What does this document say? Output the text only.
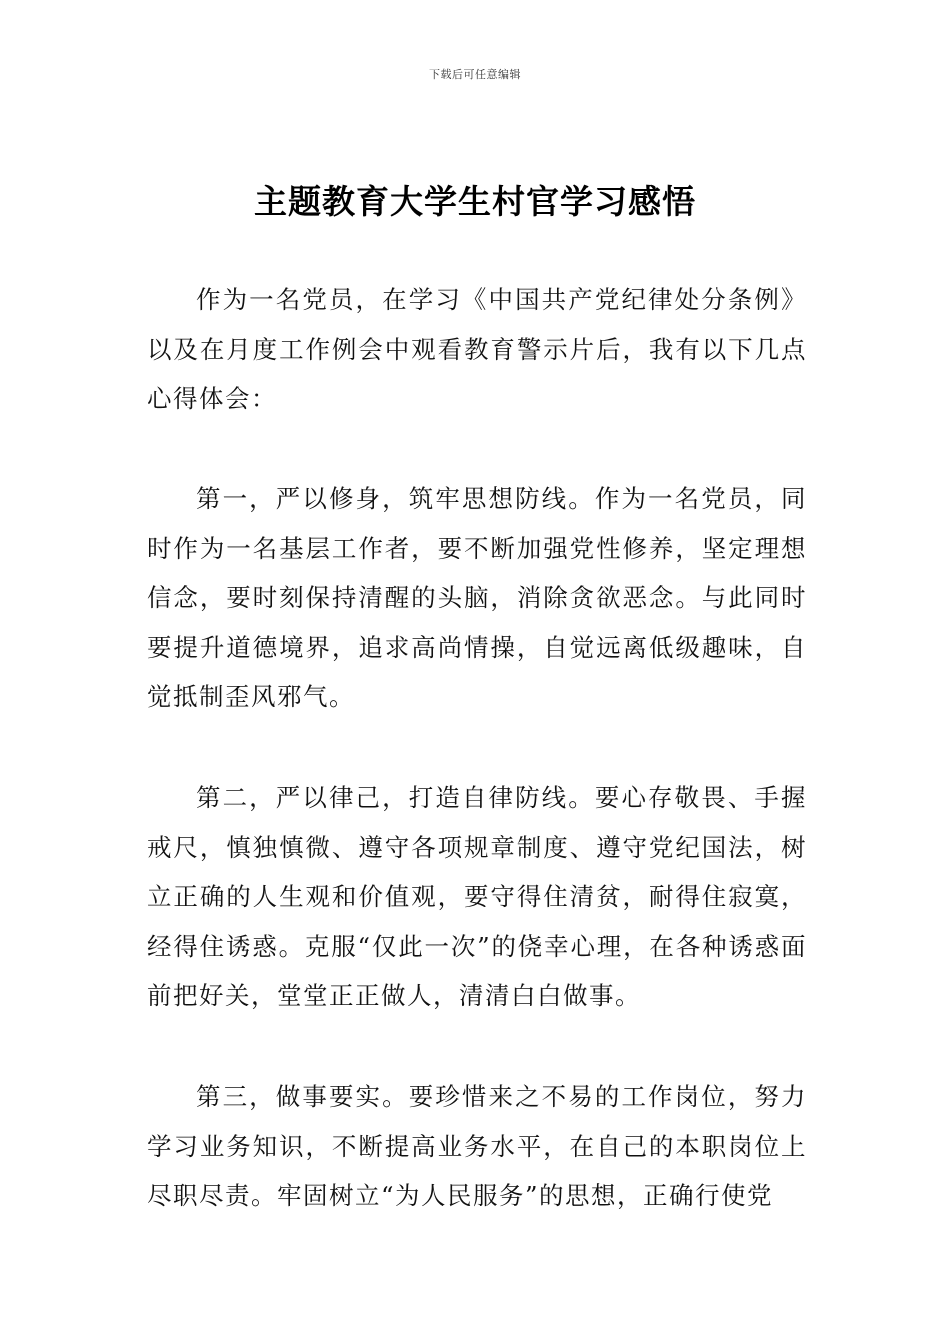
下载后可任意编辑
主题教育大学生村官学习感悟

作为一名党员，在学习《中国共产党纪律处分条例》以及在月度工作例会中观看教育警示片后，我有以下几点心得体会：

第一，严以修身，筑牢思想防线。作为一名党员，同时作为一名基层工作者，要不断加强党性修养，坚定理想信念，要时刻保持清醒的头脑，消除贪欲恶念。与此同时要提升道德境界，追求高尚情操，自觉远离低级趣味，自觉抵制歪风邪气。

第二，严以律己，打造自律防线。要心存敬畏、手握戒尺，慎独慎微、遵守各项规章制度、遵守党纪国法，树立正确的人生观和价值观，要守得住清贫，耐得住寂寞，经得住诱惑。克服“仅此一次”的侥幸心理，在各种诱惑面前把好关，堂堂正正做人，清清白白做事。

第三，做事要实。要珍惜来之不易的工作岗位，努力学习业务知识，不断提高业务水平，在自己的本职岗位上尽职尽责。牢固树立“为人民服务”的思想，正确行使党
